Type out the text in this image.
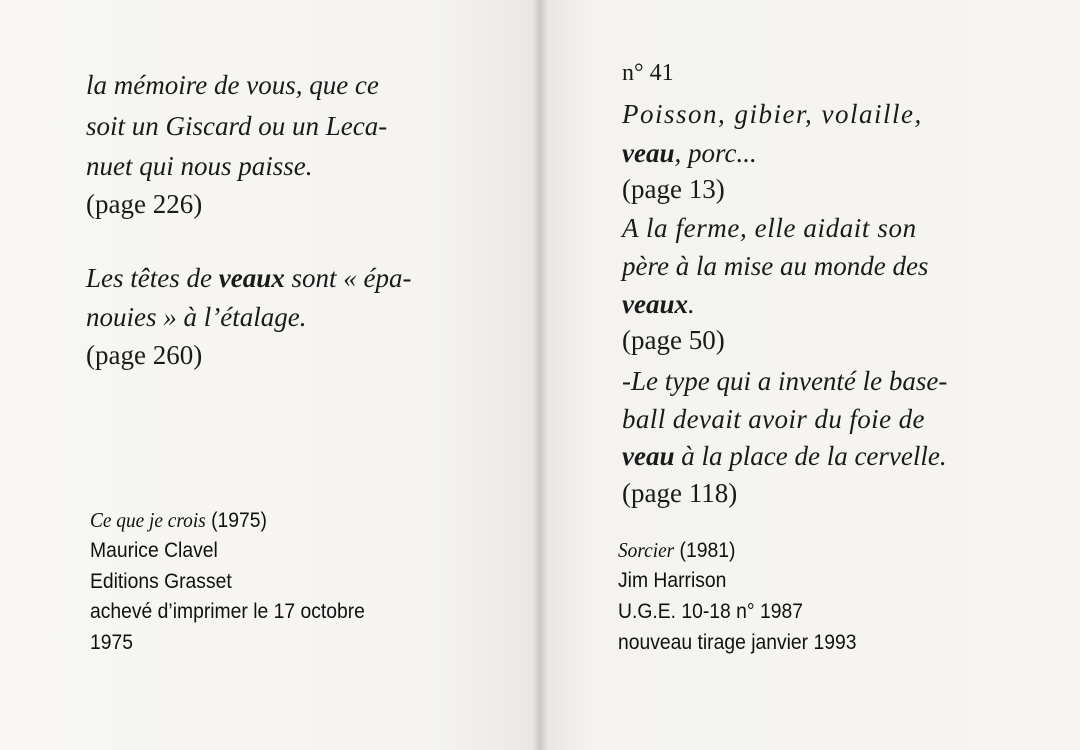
la mémoire de vous, que ce
soit un Giscard ou un Leca-
nuet qui nous paisse.
(page 226)
Les têtes de veaux sont « épa-
nouies » à l’étalage.
(page 260)
Ce que je crois (1975)
Maurice Clavel
Editions Grasset
achevé d’imprimer le 17 octobre
1975
n° 41
Poisson, gibier, volaille,
veau, porc...
(page 13)
A la ferme, elle aidait son
père à la mise au monde des
veaux.
(page 50)
-Le type qui a inventé le base-
ball devait avoir du foie de
veau à la place de la cervelle.
(page 118)
Sorcier (1981)
Jim Harrison
U.G.E. 10-18 n° 1987
nouveau tirage janvier 1993
